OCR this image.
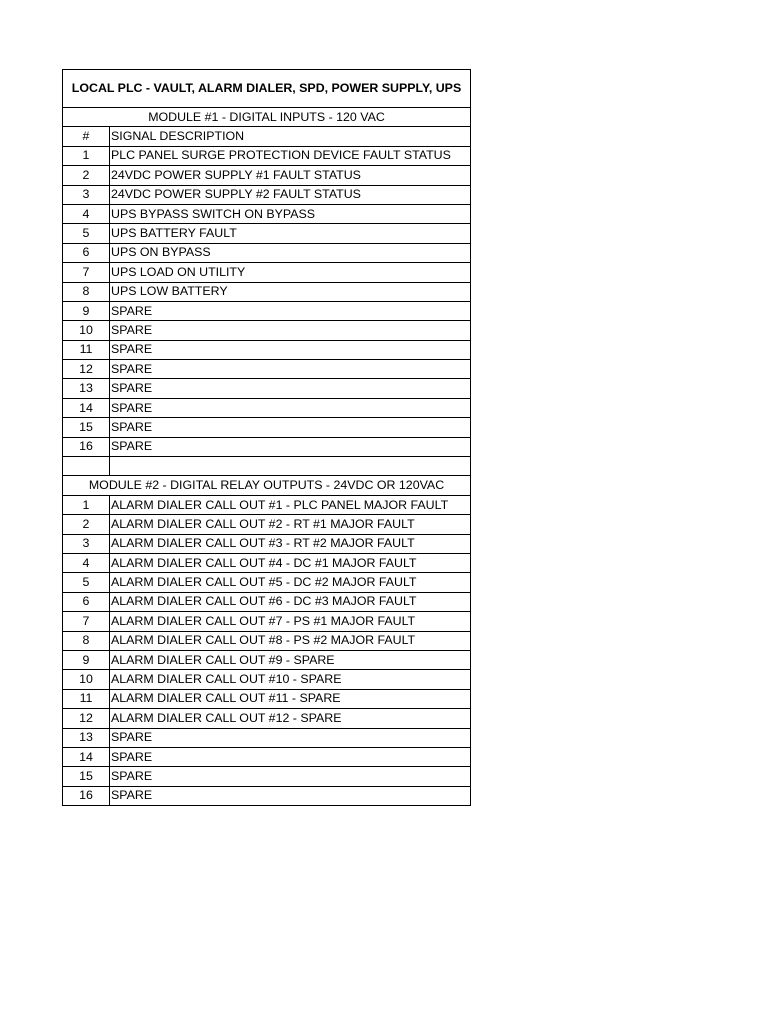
LOCAL PLC - VAULT, ALARM DIALER, SPD, POWER SUPPLY, UPS	
MODULE #1 - DIGITAL INPUTS - 120 VAC	
#	SIGNAL DESCRIPTION
1	PLC PANEL SURGE PROTECTION DEVICE FAULT STATUS
2	24VDC POWER SUPPLY #1 FAULT STATUS
3	24VDC POWER SUPPLY #2 FAULT STATUS
4	UPS BYPASS SWITCH ON BYPASS
5	UPS BATTERY FAULT
6	UPS ON BYPASS
7	UPS LOAD ON UTILITY
8	UPS LOW BATTERY
9	SPARE
10	SPARE
11	SPARE
12	SPARE
13	SPARE
14	SPARE
15	SPARE
16	SPARE

MODULE #2 - DIGITAL RELAY OUTPUTS - 24VDC OR 120VAC	
1	ALARM DIALER CALL OUT #1 - PLC PANEL MAJOR FAULT
2	ALARM DIALER CALL OUT #2 - RT #1 MAJOR FAULT
3	ALARM DIALER CALL OUT #3 - RT #2 MAJOR FAULT
4	ALARM DIALER CALL OUT #4 - DC #1 MAJOR FAULT
5	ALARM DIALER CALL OUT #5 - DC #2 MAJOR FAULT
6	ALARM DIALER CALL OUT #6 - DC #3 MAJOR FAULT
7	ALARM DIALER CALL OUT #7 - PS #1 MAJOR FAULT
8	ALARM DIALER CALL OUT #8 - PS #2 MAJOR FAULT
9	ALARM DIALER CALL OUT #9 - SPARE
10	ALARM DIALER CALL OUT #10 - SPARE
11	ALARM DIALER CALL OUT #11 - SPARE
12	ALARM DIALER CALL OUT #12 - SPARE
13	SPARE
14	SPARE
15	SPARE
16	SPARE
